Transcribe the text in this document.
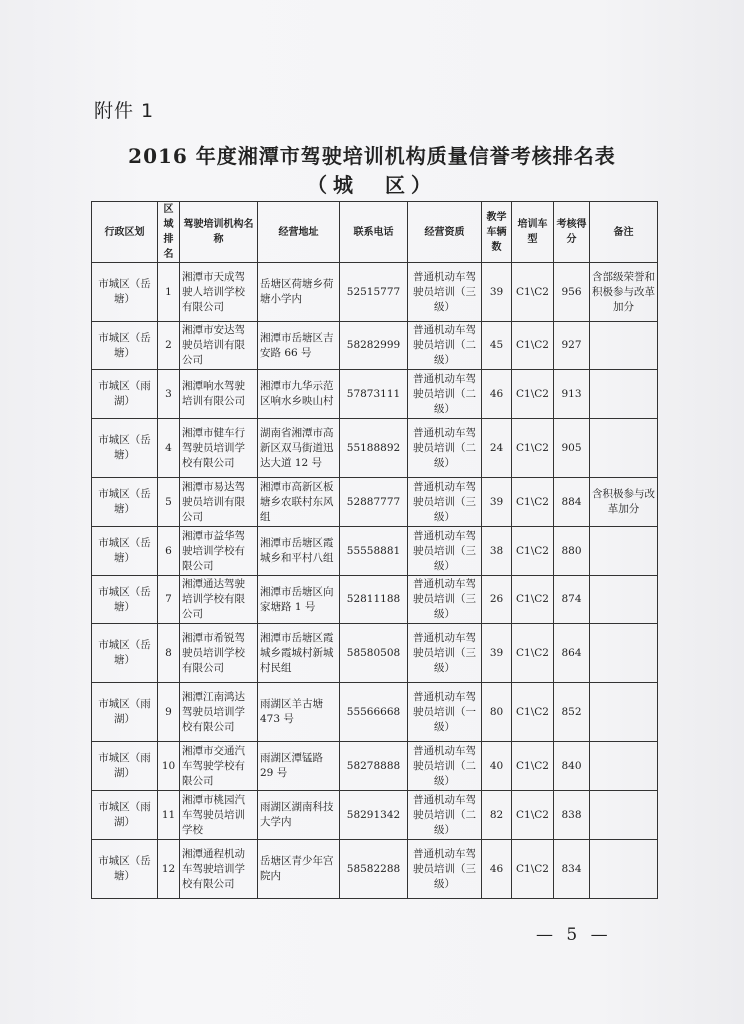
附件 1
2016 年度湘潭市驾驶培训机构质量信誉考核排名表
（城　区）
行政区划	区域排名	驾驶培训机构名称	经营地址	联系电话	经营资质	教学车辆数	培训车型	考核得分	备注
市城区（岳塘）	1	湘潭市天成驾驶人培训学校有限公司	岳塘区荷塘乡荷塘小学内	52515777	普通机动车驾驶员培训（三级）	39	C1\C2	956	含部级荣誉和积极参与改革加分
市城区（岳塘）	2	湘潭市安达驾驶员培训有限公司	湘潭市岳塘区吉安路 66 号	58282999	普通机动车驾驶员培训（二级）	45	C1\C2	927	
市城区（雨湖）	3	湘潭响水驾驶培训有限公司	湘潭市九华示范区响水乡映山村	57873111	普通机动车驾驶员培训（二级）	46	C1\C2	913	
市城区（岳塘）	4	湘潭市健车行驾驶员培训学校有限公司	湖南省湘潭市高新区双马街道迅达大道 12 号	55188892	普通机动车驾驶员培训（二级）	24	C1\C2	905	
市城区（岳塘）	5	湘潭市易达驾驶员培训有限公司	湘潭市高新区板塘乡农联村东风组	52887777	普通机动车驾驶员培训（三级）	39	C1\C2	884	含积极参与改革加分
市城区（岳塘）	6	湘潭市益华驾驶培训学校有限公司	湘潭市岳塘区霞城乡和平村八组	55558881	普通机动车驾驶员培训（三级）	38	C1\C2	880	
市城区（岳塘）	7	湘潭通达驾驶培训学校有限公司	湘潭市岳塘区向家塘路 1 号	52811188	普通机动车驾驶员培训（三级）	26	C1\C2	874	
市城区（岳塘）	8	湘潭市希锐驾驶员培训学校有限公司	湘潭市岳塘区霞城乡霞城村新城村民组	58580508	普通机动车驾驶员培训（三级）	39	C1\C2	864	
市城区（雨湖）	9	湘潭江南鸿达驾驶员培训学校有限公司	雨湖区羊古塘 473 号	55566668	普通机动车驾驶员培训（一级）	80	C1\C2	852	
市城区（雨湖）	10	湘潭市交通汽车驾驶学校有限公司	雨湖区潭锰路 29 号	58278888	普通机动车驾驶员培训（二级）	40	C1\C2	840	
市城区（雨湖）	11	湘潭市桃园汽车驾驶员培训学校	雨湖区湖南科技大学内	58291342	普通机动车驾驶员培训（二级）	82	C1\C2	838	
市城区（岳塘）	12	湘潭通程机动车驾驶培训学校有限公司	岳塘区青少年宫院内	58582288	普通机动车驾驶员培训（三级）	46	C1\C2	834	
— 5 —
